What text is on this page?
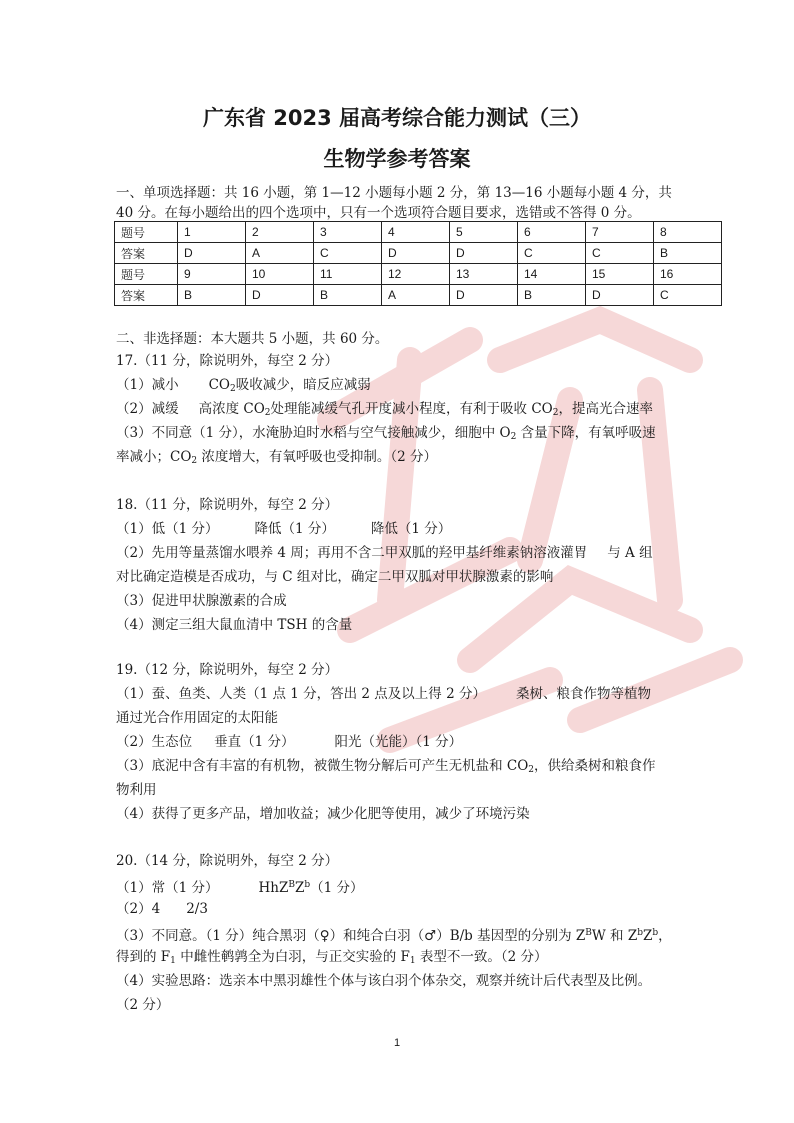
广东省 2023 届高考综合能力测试（三）
生物学参考答案
一、单项选择题：共 16 小题，第 1—12 小题每小题 2 分，第 13—16 小题每小题 4 分，共
40 分。在每小题给出的四个选项中，只有一个选项符合题目要求，选错或不答得 0 分。
题号	1	2	3	4	5	6	7	8
答案	D	A	C	D	D	C	C	B
题号	9	10	11	12	13	14	15	16
答案	B	D	B	A	D	B	D	C
二、非选择题：本大题共 5 小题，共 60 分。
17.（11 分，除说明外，每空 2 分）
（1）减小 $CO_2$吸收减少，暗反应减弱
（2）减缓 高浓度 $CO_2$处理能减缓气孔开度减小程度，有利于吸收 $CO_2$，提高光合速率
（3）不同意（1 分），水淹胁迫时水稻与空气接触减少，细胞中 $O_2$ 含量下降，有氧呼吸速
率减小；$CO_2$ 浓度增大，有氧呼吸也受抑制。（2 分）
18.（11 分，除说明外，每空 2 分）
（1）低（1 分）	降低（1 分）	降低（1 分）
（2）先用等量蒸馏水喂养 4 周；再用不含二甲双胍的羟甲基纤维素钠溶液灌胃 与 A 组
对比确定造模是否成功，与 C 组对比，确定二甲双胍对甲状腺激素的影响
（3）促进甲状腺激素的合成
（4）测定三组大鼠血清中 TSH 的含量
19.（12 分，除说明外，每空 2 分）
（1）蚕、鱼类、人类（1 点 1 分，答出 2 点及以上得 2 分） 桑树、粮食作物等植物
通过光合作用固定的太阳能
（2）生态位 垂直（1 分）	阳光（光能）（1 分）
（3）底泥中含有丰富的有机物，被微生物分解后可产生无机盐和 $CO_2$，供给桑树和粮食作
物利用
（4）获得了更多产品，增加收益；减少化肥等使用，减少了环境污染
20.（14 分，除说明外，每空 2 分）
（1）常（1 分）	$HhZ^BZ^b(1$ 分）
（2）4 2/3
（3）不同意。（1 分）纯合黑羽（♀）和纯合白羽（♂）B/b 基因型的分别为 $Z^BW$ 和 $Z^bZ^b$，
得到的 $F_1$ 中雌性鹌鹑全为白羽，与正交实验的 $F_1$ 表型不一致。（2 分）
（4）实验思路：选亲本中黑羽雄性个体与该白羽个体杂交，观察并统计后代表型及比例。
（2 分）
1
